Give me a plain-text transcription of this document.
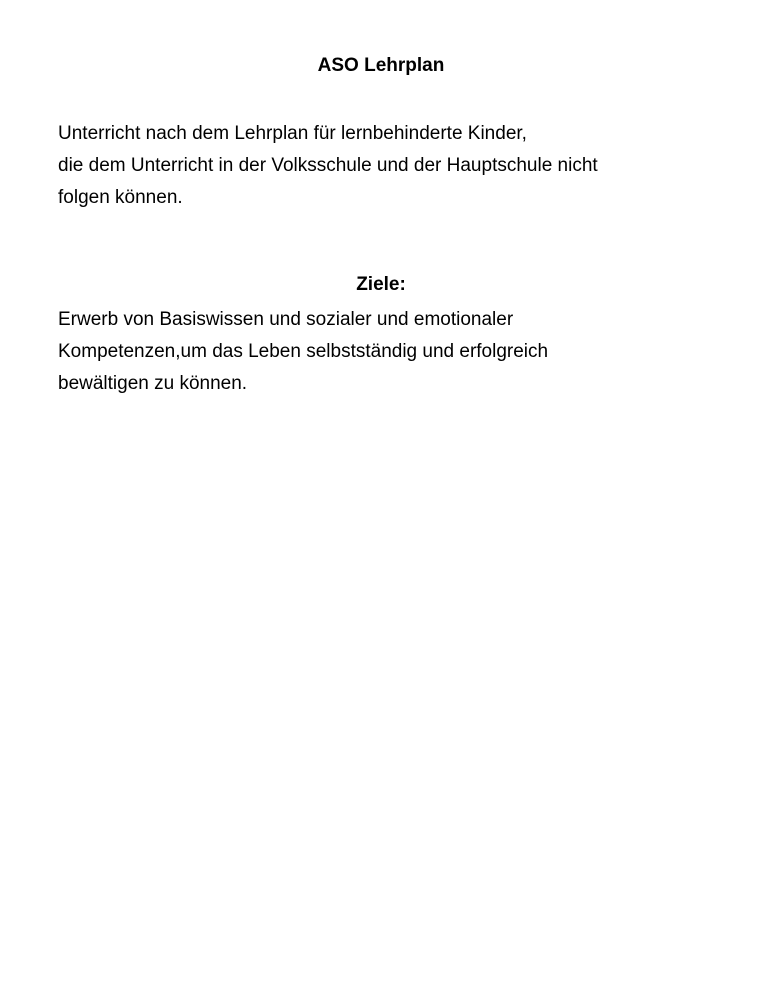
ASO Lehrplan
Unterricht nach dem Lehrplan für lernbehinderte Kinder,
die dem Unterricht in der Volksschule und der Hauptschule nicht
folgen können.
Ziele:
Erwerb von Basiswissen und sozialer und emotionaler
Kompetenzen,um das Leben selbstständig und erfolgreich
bewältigen zu können.
